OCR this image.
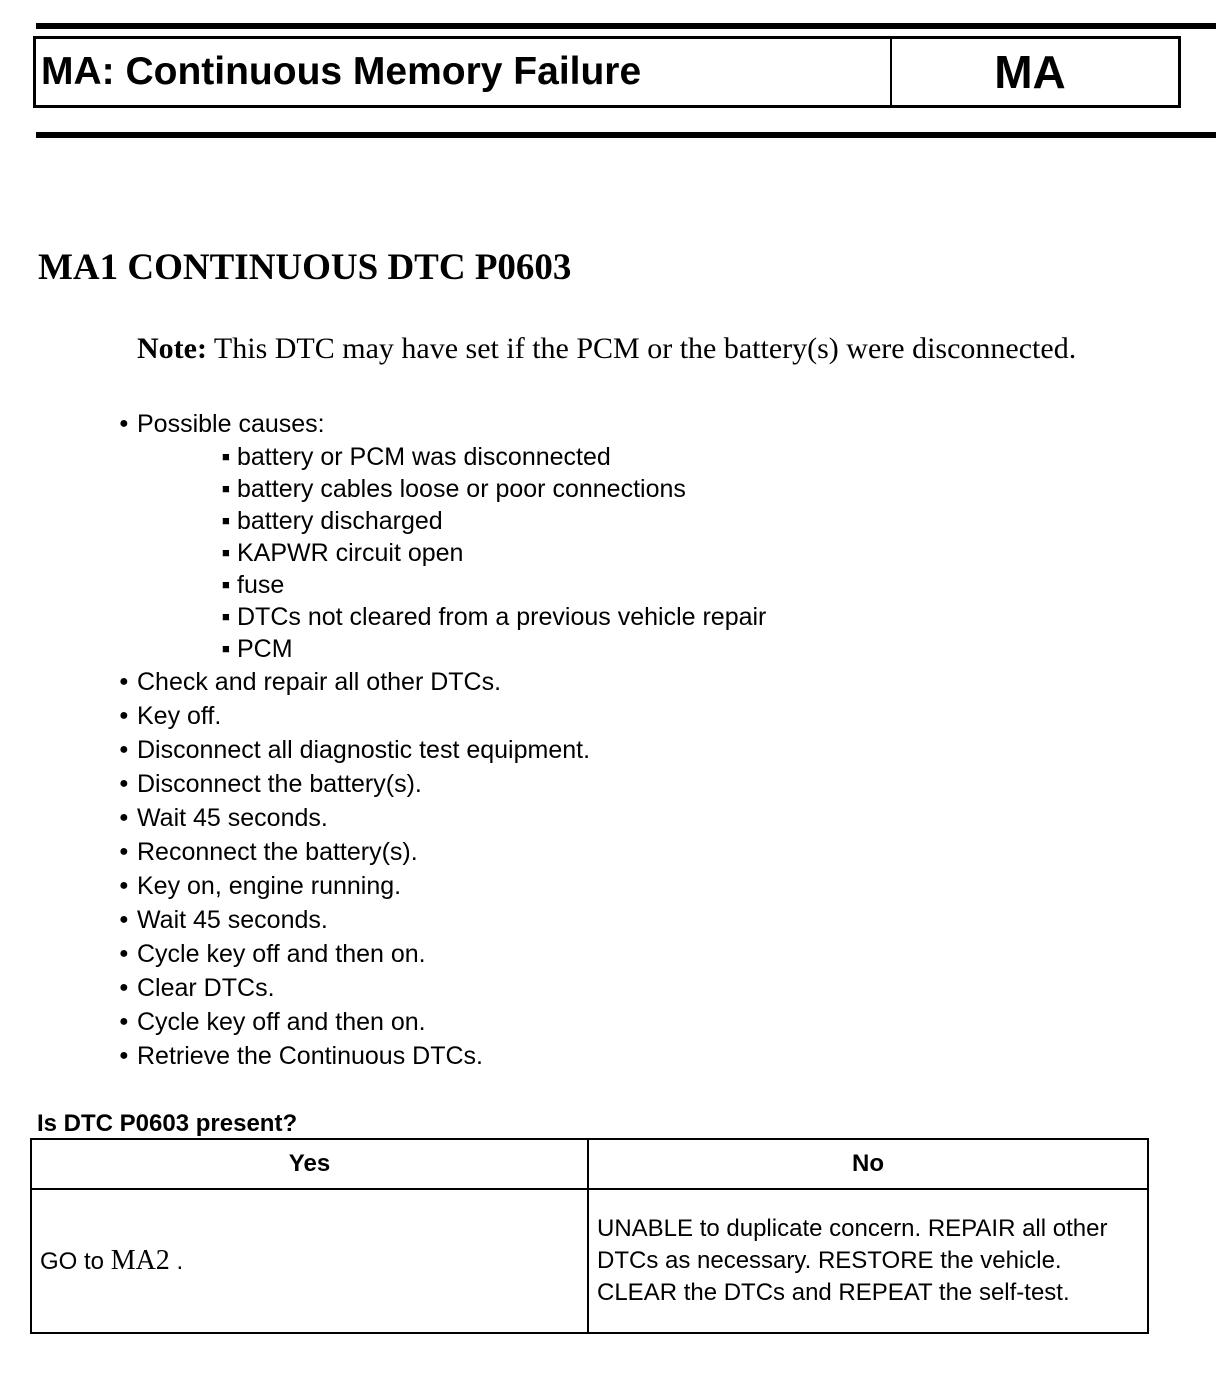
MA: Continuous Memory Failure	MA
MA1 CONTINUOUS DTC P0603
Note: This DTC may have set if the PCM or the battery(s) were disconnected.
● Possible causes:
■ battery or PCM was disconnected
■ battery cables loose or poor connections
■ battery discharged
■ KAPWR circuit open
■ fuse
■ DTCs not cleared from a previous vehicle repair
■ PCM
● Check and repair all other DTCs.
● Key off.
● Disconnect all diagnostic test equipment.
● Disconnect the battery(s).
● Wait 45 seconds.
● Reconnect the battery(s).
● Key on, engine running.
● Wait 45 seconds.
● Cycle key off and then on.
● Clear DTCs.
● Cycle key off and then on.
● Retrieve the Continuous DTCs.
Is DTC P0603 present?
Yes	No
GO to MA2 .	UNABLE to duplicate concern. REPAIR all other DTCs as necessary. RESTORE the vehicle. CLEAR the DTCs and REPEAT the self-test.
